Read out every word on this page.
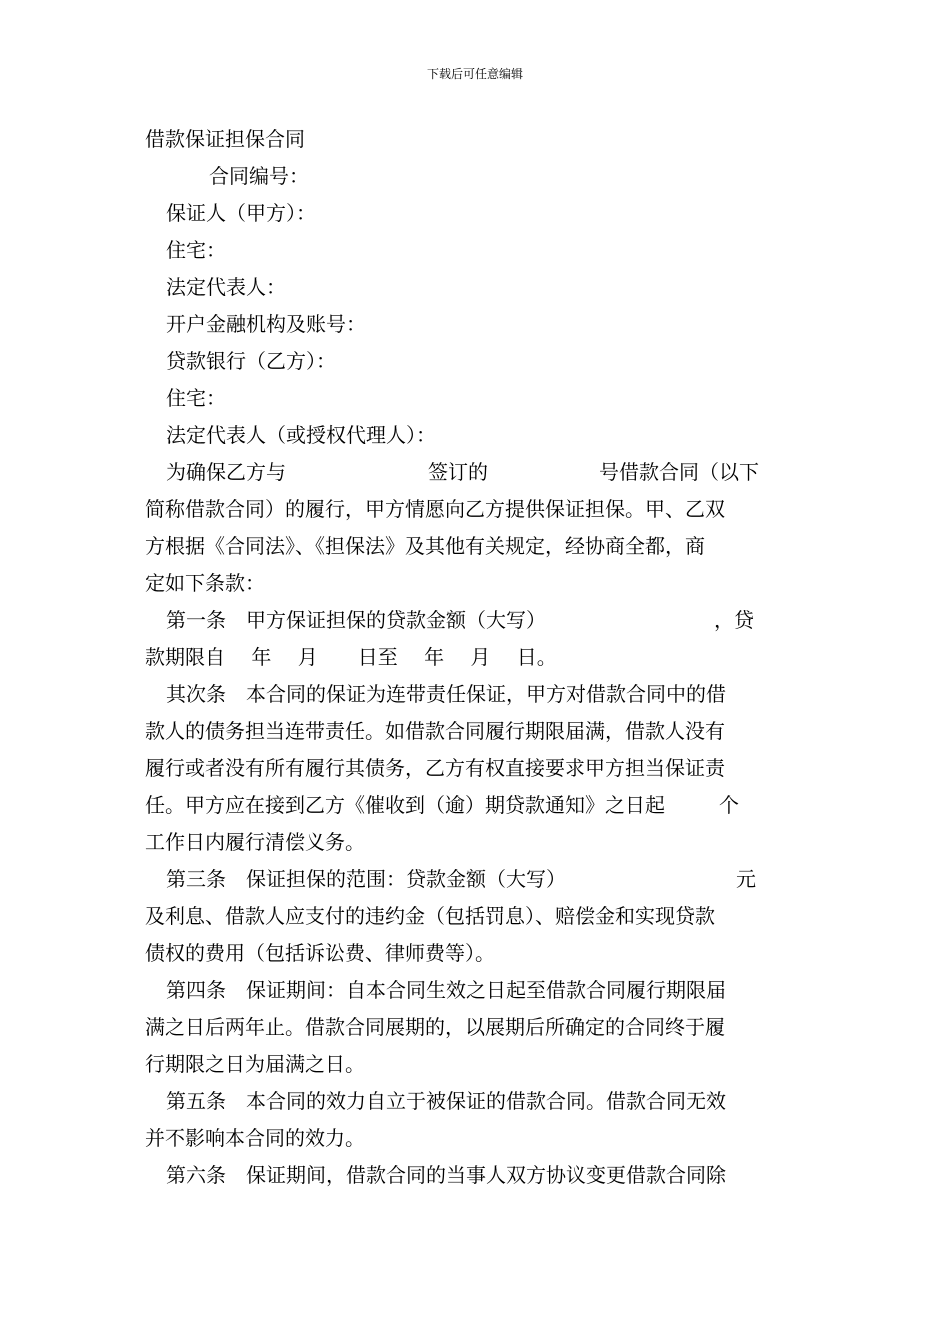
下载后可任意编辑
借款保证担保合同
合同编号：
保证人（甲方）：
住宅：
法定代表人：
开户金融机构及账号：
贷款银行（乙方）：
住宅：
法定代表人（或授权代理人）：
为确保乙方与	签订的	号借款合同（以下
简称借款合同）的履行，甲方情愿向乙方提供保证担保。甲、乙双
方根据《合同法》、《担保法》及其他有关规定，经协商全都，商
定如下条款：
第一条　甲方保证担保的贷款金额（大写）	，贷
款期限自　 年　 月　　日至　 年　 月　 日。
其次条　本合同的保证为连带责任保证，甲方对借款合同中的借
款人的债务担当连带责任。如借款合同履行期限届满，借款人没有
履行或者没有所有履行其债务，乙方有权直接要求甲方担当保证责
任。甲方应在接到乙方《催收到（逾）期贷款通知》之日起	个
工作日内履行清偿义务。
第三条　保证担保的范围：贷款金额（大写）	元
及利息、借款人应支付的违约金（包括罚息）、赔偿金和实现贷款
债权的费用（包括诉讼费、律师费等）。
第四条　保证期间：自本合同生效之日起至借款合同履行期限届
满之日后两年止。借款合同展期的，以展期后所确定的合同终于履
行期限之日为届满之日。
第五条　本合同的效力自立于被保证的借款合同。借款合同无效
并不影响本合同的效力。
第六条　保证期间，借款合同的当事人双方协议变更借款合同除
